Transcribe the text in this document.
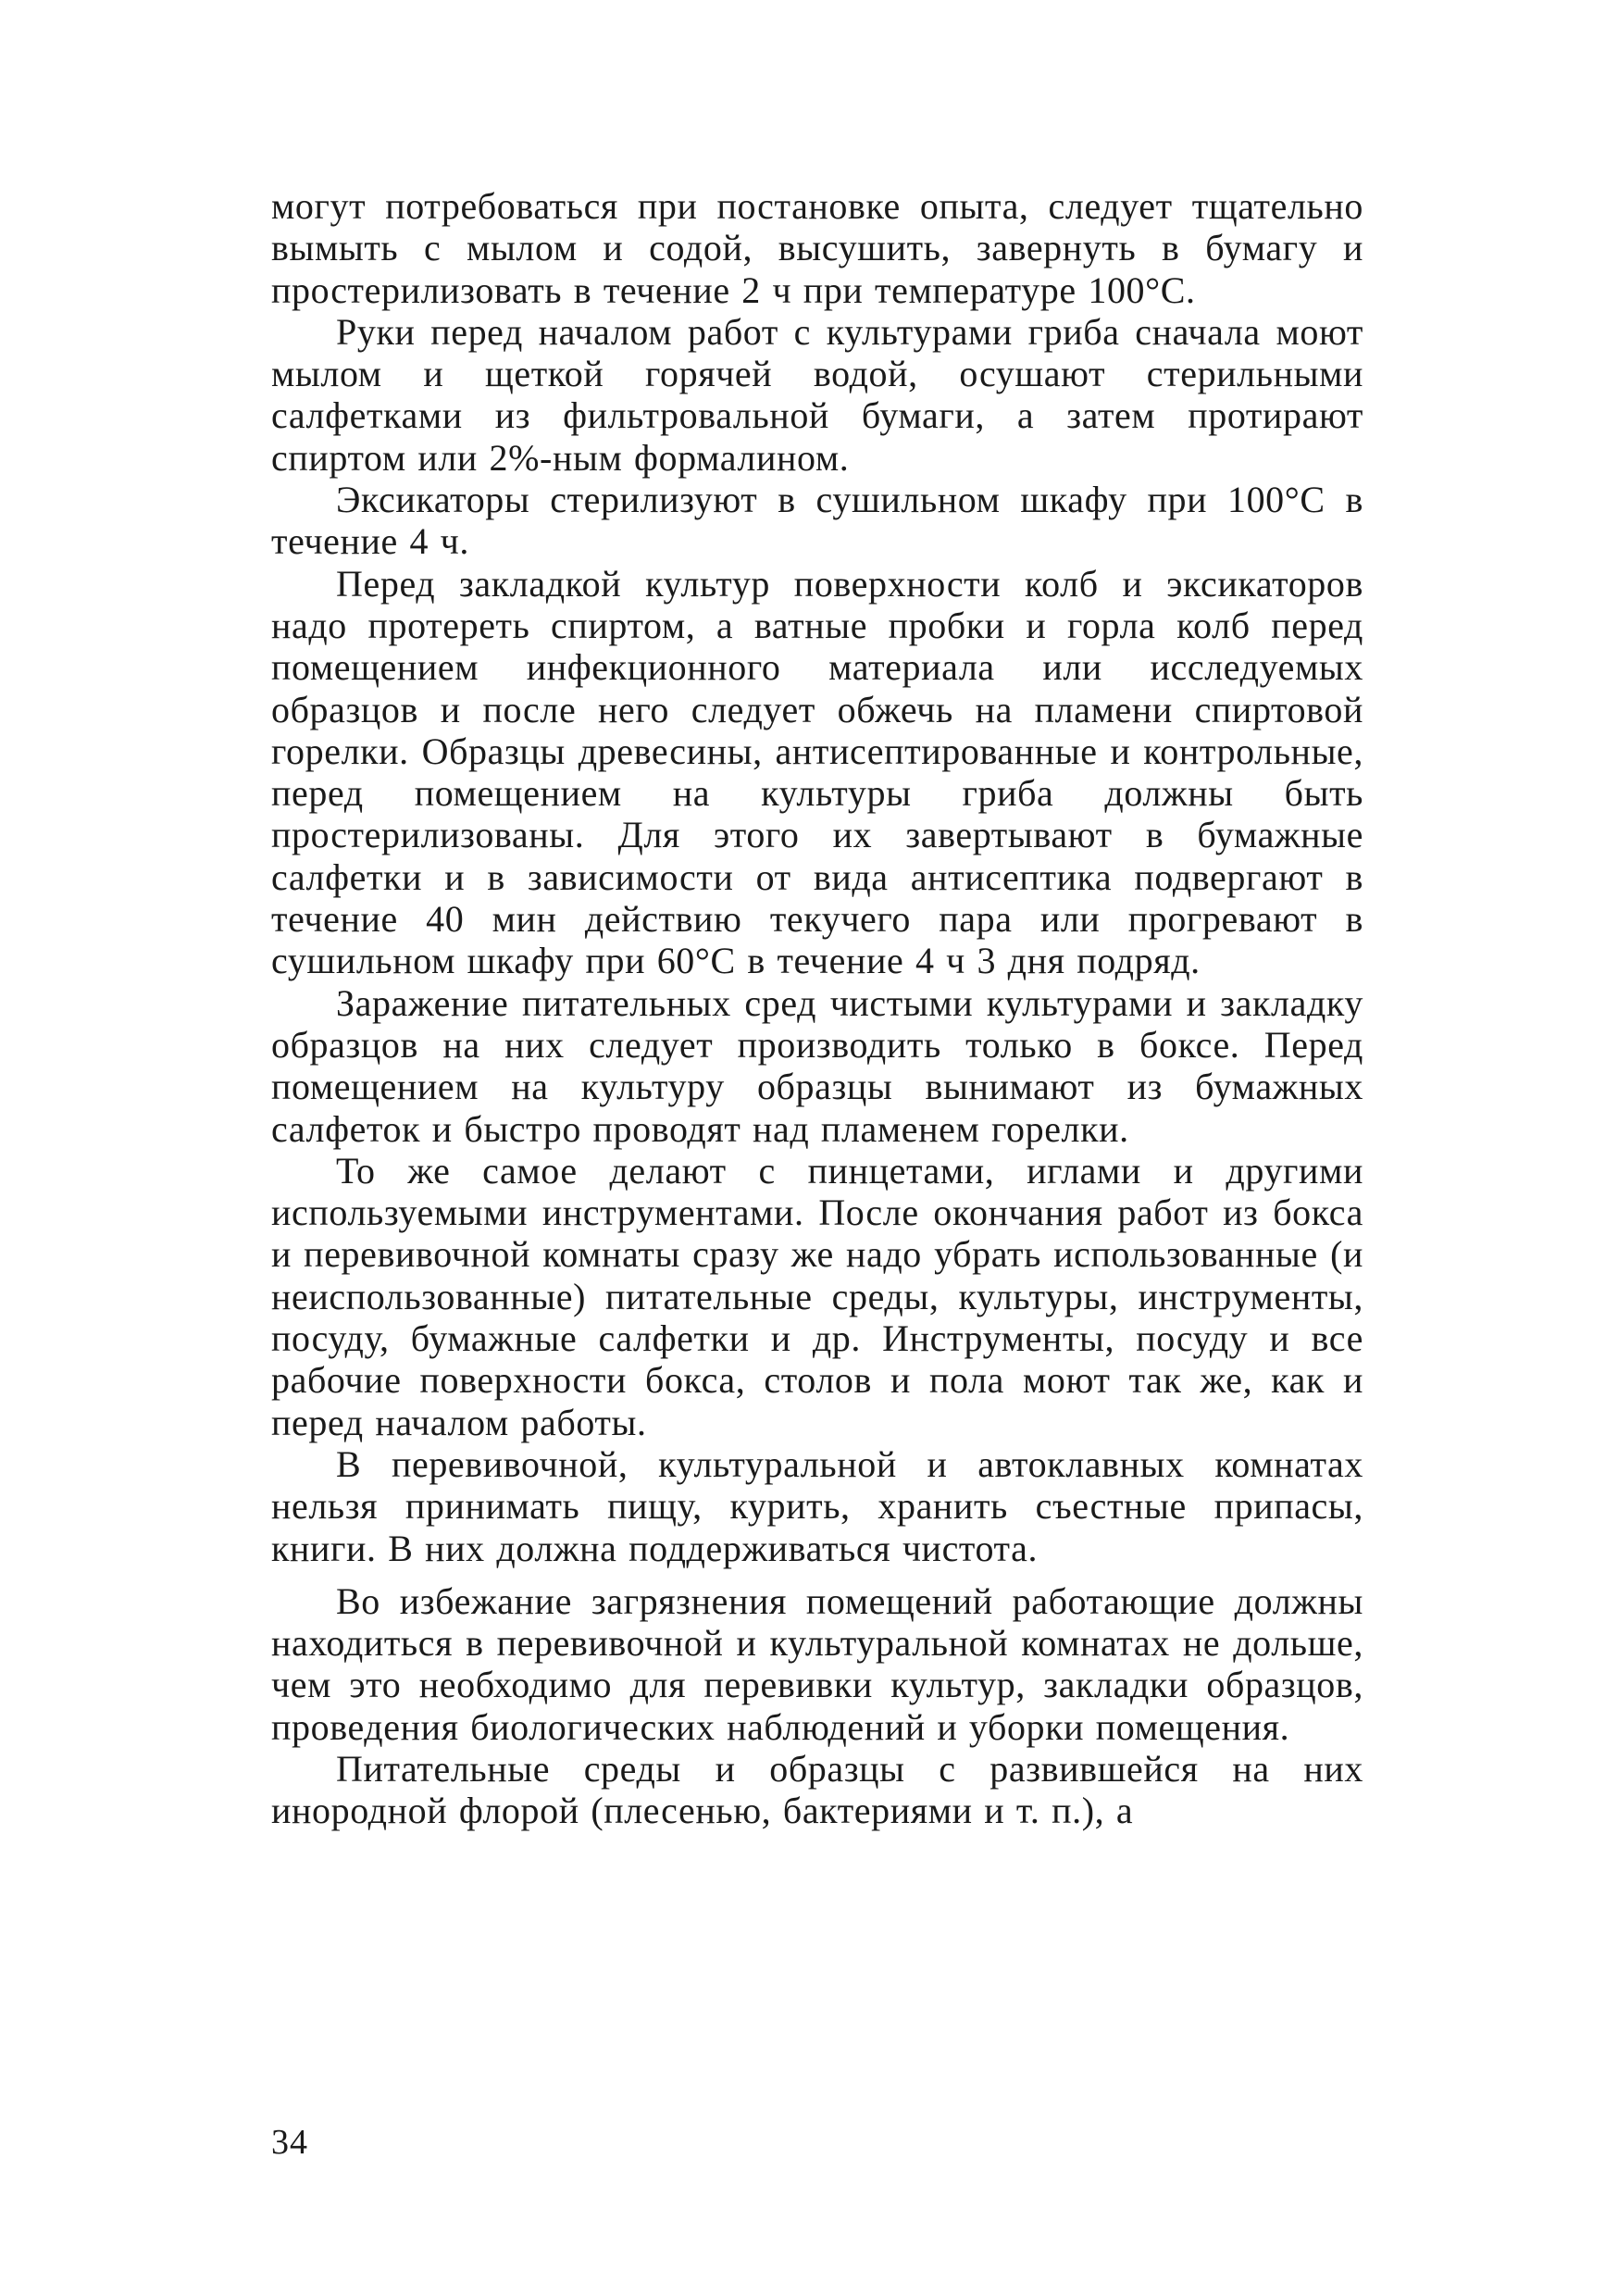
могут потребоваться при постановке опыта, следует тщательно вымыть с мылом и содой, высушить, завернуть в бумагу и простерилизовать в течение 2 ч при температуре 100°С.

Руки перед началом работ с культурами гриба сначала моют мылом и щеткой горячей водой, осушают стерильными салфетками из фильтровальной бумаги, а затем протирают спиртом или 2%-ным формалином.

Эксикаторы стерилизуют в сушильном шкафу при 100°С в течение 4 ч.

Перед закладкой культур поверхности колб и эксикаторов надо протереть спиртом, а ватные пробки и горла колб перед помещением инфекционного материала или исследуемых образцов и после него следует обжечь на пламени спиртовой горелки. Образцы древесины, антисептированные и контрольные, перед помещением на культуры гриба должны быть простерилизованы. Для этого их завертывают в бумажные салфетки и в зависимости от вида антисептика подвергают в течение 40 мин действию текучего пара или прогревают в сушильном шкафу при 60°С в течение 4 ч 3 дня подряд.

Заражение питательных сред чистыми культурами и закладку образцов на них следует производить только в боксе. Перед помещением на культуру образцы вынимают из бумажных салфеток и быстро проводят над пламенем горелки.

То же самое делают с пинцетами, иглами и другими используемыми инструментами. После окончания работ из бокса и перевивочной комнаты сразу же надо убрать использованные (и неиспользованные) питательные среды, культуры, инструменты, посуду, бумажные салфетки и др. Инструменты, посуду и все рабочие поверхности бокса, столов и пола моют так же, как и перед началом работы.

В перевивочной, культуральной и автоклавных комнатах нельзя принимать пищу, курить, хранить съестные припасы, книги. В них должна поддерживаться чистота.

Во избежание загрязнения помещений работающие должны находиться в перевивочной и культуральной комнатах не дольше, чем это необходимо для перевивки культур, закладки образцов, проведения биологических наблюдений и уборки помещения.

Питательные среды и образцы с развившейся на них инородной флорой (плесенью, бактериями и т. п.), а

34
